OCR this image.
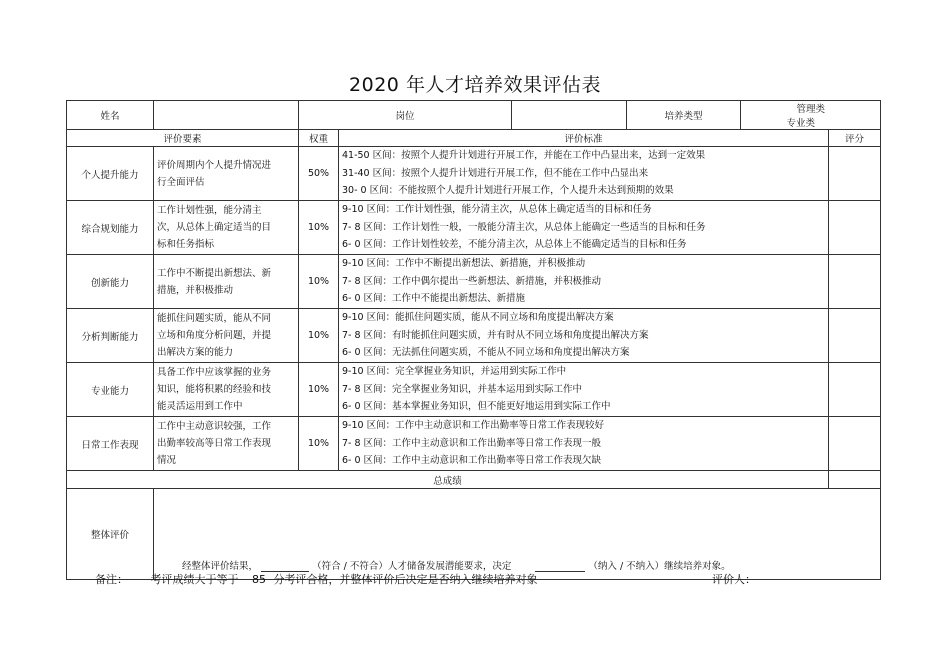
2020 年人才培养效果评估表
姓名		岗位			培养类型	管理类 专业类	
评价要素		权重	评价标准				评分
个人提升能力	评价周期内个人提升情况进行全面评估	50%	41-50 区间：按照个人提升计划进行开展工作，并能在工作中凸显出来，达到一定效果
31-40 区间：按照个人提升计划进行开展工作，但不能在工作中凸显出来
30- 0 区间：不能按照个人提升计划进行开展工作，个人提升未达到预期的效果				

综合规划能力	工作计划性强，能分清主次，从总体上确定适当的目标和任务指标	10%	9-10 区间：工作计划性强，能分清主次，从总体上确定适当的目标和任务
7- 8 区间：工作计划性一般，一般能分清主次，从总体上能确定一些适当的目标和任务
6- 0 区间：工作计划性较差，不能分清主次，从总体上不能确定适当的目标和任务				

创新能力	工作中不断提出新想法、新措施，并积极推动	10%	9-10 区间：工作中不断提出新想法、新措施，并积极推动
7- 8 区间：工作中偶尔提出一些新想法、新措施，并积极推动
6- 0 区间：工作中不能提出新想法、新措施				

分析判断能力	能抓住问题实质，能从不同立场和角度分析问题，并提出解决方案的能力	10%	9-10 区间：能抓住问题实质，能从不同立场和角度提出解决方案
7- 8 区间：有时能抓住问题实质，并有时从不同立场和角度提出解决方案
6- 0 区间：无法抓住问题实质，不能从不同立场和角度提出解决方案				

专业能力	具备工作中应该掌握的业务知识，能将积累的经验和技能灵活运用到工作中	10%	9-10 区间：完全掌握业务知识，并运用到实际工作中
7- 8 区间：完全掌握业务知识，并基本运用到实际工作中
6- 0 区间：基本掌握业务知识，但不能更好地运用到实际工作中				

日常工作表现	工作中主动意识较强，工作出勤率较高等日常工作表现情况	10%	9-10 区间：工作中主动意识和工作出勤率等日常工作表现较好
7- 8 区间：工作中主动意识和工作出勤率等日常工作表现一般
6- 0 区间：工作中主动意识和工作出勤率等日常工作表现欠缺				

总成绩							
整体评价							
	经整体评价结果， （符合 / 不符合）人才储备发展潜能要求，决定 （纳入 / 不纳入）继续培养对象。						
备注： 考评成绩大于等于 85 分考评合格，并整体评价后决定是否纳入继续培养对象	评价人：
